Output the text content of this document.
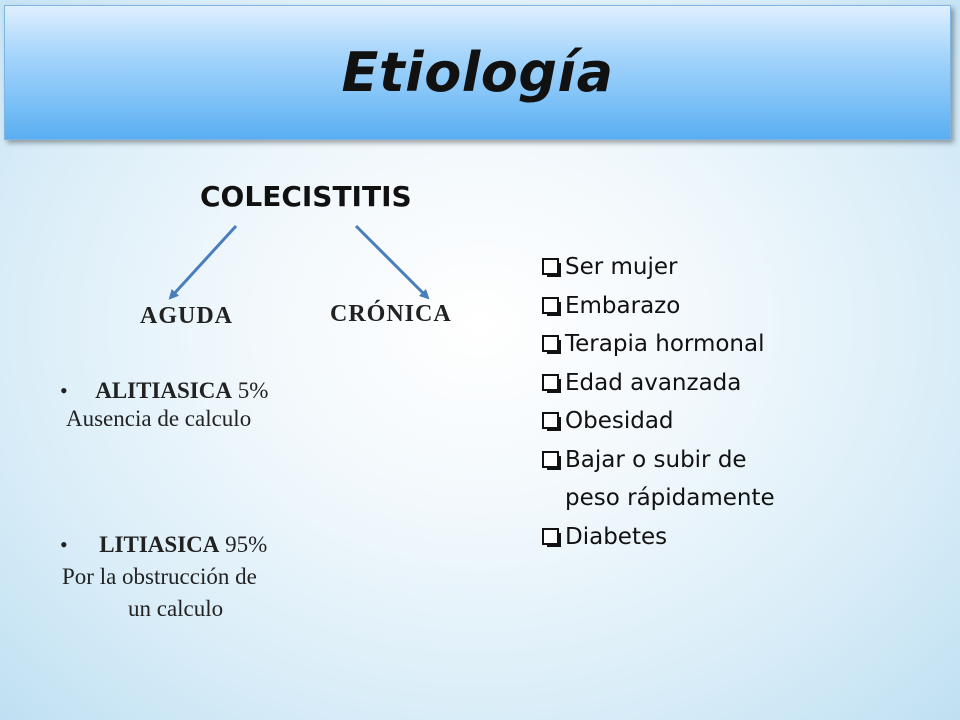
Etiología
COLECISTITIS
AGUDA	CRÓNICA
• ALITIASICA 5%
Ausencia de calculo
• LITIASICA 95%
Por la obstrucción de
un calculo
Ser mujer
Embarazo
Terapia hormonal
Edad avanzada
Obesidad
Bajar o subir de
peso rápidamente
Diabetes
